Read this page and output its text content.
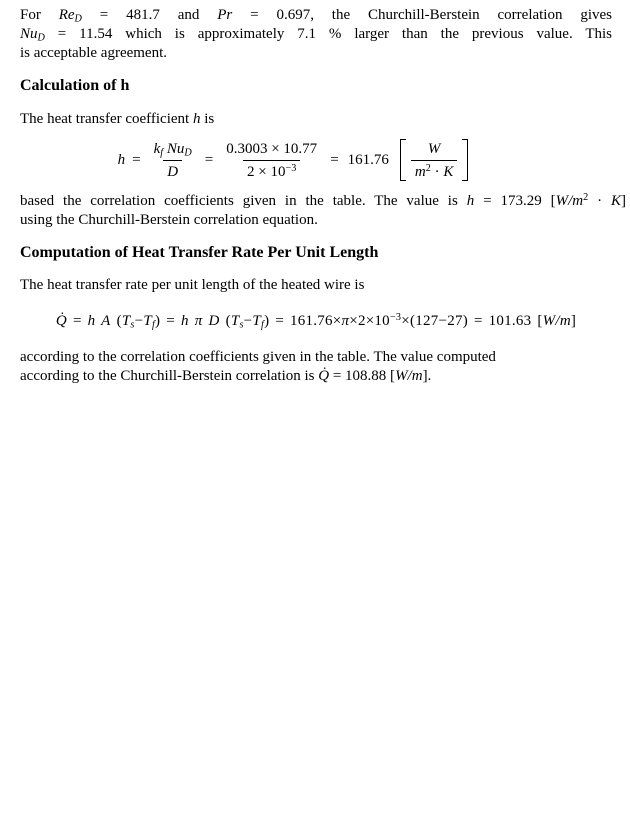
For $Re_D = 481.7$ and Pr = 0.697, the Churchill-Berstein correlation gives
$Nu_D = 11.54$ which is approximately 7.1 % larger than the previous value. This
is acceptable agreement.
Calculation of h
The heat transfer coefficient h is
$h = \frac{k_f Nu_D}{D} = \frac{0.3003 \times 10.77}{2 \times 10^{-3}} = 161.76 \frac{W}{m^2 \cdot K}$
based the correlation coefficients given in the table. The value is h = 173.29 $[W/m^2 \cdot K]$
using the Churchill-Berstein correlation equation.
Computation of Heat Transfer Rate Per Unit Length
The heat transfer rate per unit length of the heated wire is
Q̇ = h A $(T_s-T_f) = h$ π D $(T_s-T_f) = 161.76\times\pi\times 2\times 10^{-3}\times(127-27) = 101.63$ [W/m]
according to the correlation coefficients given in the table. The value computed
according to the Churchill-Berstein correlation is Q̇ = 108.88 [W/m].
